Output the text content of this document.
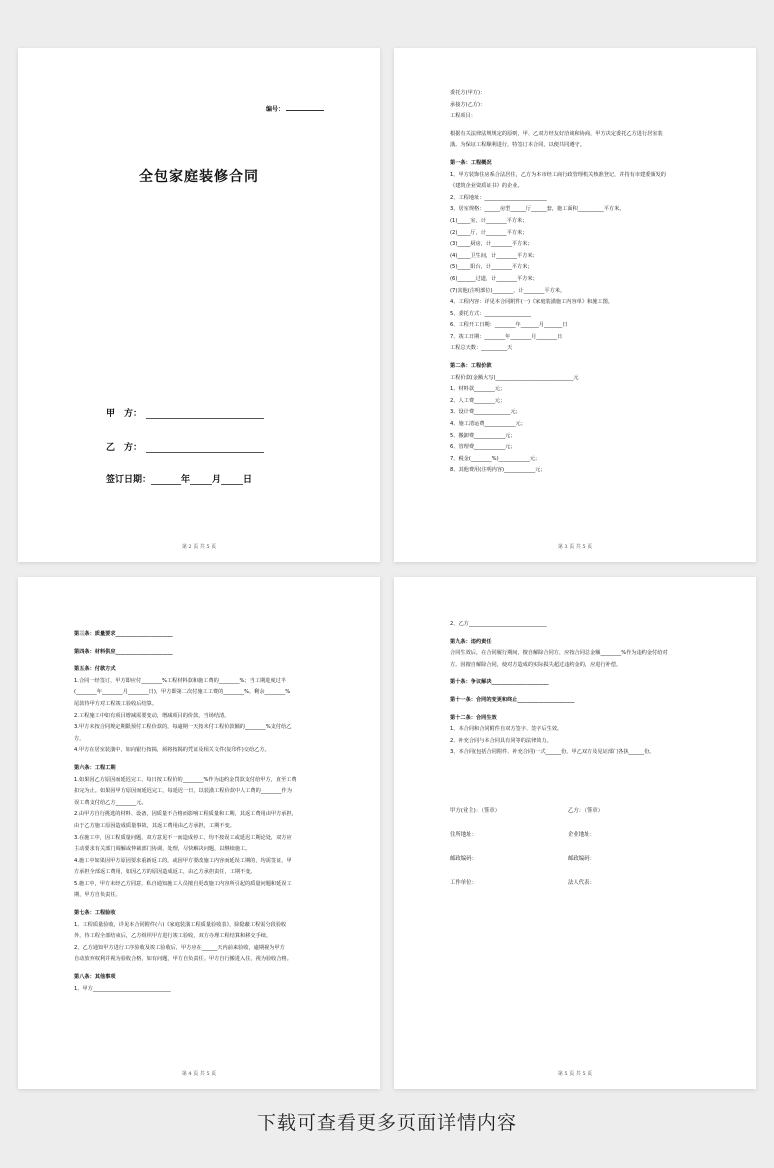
编号：
全包家庭装修合同
甲　方：
乙　方：
签订日期：	年 月 日
第 2 页 共 5 页
委托方(甲方)：
承接方(乙方)：
工程项目：
根据有关法律法规规定的原则，甲、乙双方经友好洽谈和协商，甲方决定委托乙方进行居室装
潢。为保证工程顺利进行，特签订本合同，以便共同遵守。
第一条：工程概况
1、甲方装饰住房系合法居住，乙方为本市经工商行政管理机关核准登记，并持有市建委颁发的
《建筑企业资质证书》的企业。
2、工程地址：________________________
3、居室规格：______房型______厅______套，施工面积__________平方米。
(1)_____室，计________平方米；
(2)_____厅，计________平方米；
(3)_____厨房，计________平方米；
(4)_____卫生间，计________平方米；
(5)_____阳台，计________平方米；
(6)_______过道，计________平方米；
(7)其他(注明部位)________，计________平方米。
4、工程内容：详见本合同附件(一)《家庭装潢施工内容单》和施工图。
5、委托方式：__________________
6、工程开工日期：________年_______月_______日
7、竣工日期：________年________月________日
工程总天数：__________天
第二条：工程价款
工程价款(金额大写)______________________________元
1、材料款________元；
2、人工费________元；
3、设计费______________元；
4、施工清运费____________元；
5、搬卸费____________元；
6、管理费____________元；
7、税金(________%)____________元；
8、其他费用(注明内容)____________元；
第 3 页 共 5 页
第三条：质量要求______________________
第四条：材料供应______________________
第五条：付款方式
1.合同一经签订，甲方即应付________%工程材料款和施工费的________%；当工期进度过半
(________年________月________日)，甲方即第二次付施工工费的________%。剩余________%
尾款待甲方对工程竣工验收后结算。
2.工程施工中如有项目增减需要变动，增减项目的价款，当场结清。
3.甲方未按合同规定期限预付工程价款的，每逾期一天按未付工程价款额的________%支付给乙
方。
4.甲方在居室装潢中，如向银行按揭，须将按揭的凭证及相关文件(复印件)交给乙方。
第六条：工程工期
1.如果因乙方原因而延迟完工，每日按工程价的________%作为违约金罚款支付给甲方，直至工费
扣完为止。如果因甲方原因而延迟完工，每延迟一日，以装潢工程价款中人工费的________作为
误工费支付给乙方________元。
2.由甲方自行挑选的材料、设备，因质量不合格而影响工程质量和工期，其返工费用由甲方承担，
由于乙方施工原因造成质量事故，其返工费用由乙方承担，工期不变。
3.在施工中，因工程质量问题，双方意见不一而造成停工，均不按误工或延迟工期论处，双方应
主动要求有关部门调解或仲裁部门协调、处理，尽快解决问题，以继续施工。
4.施工中如果因甲方原因要求重新返工的，或因甲方要改施工内容而延误工期的，均需签证，甲
方承担全部返工费用，如因乙方的原因造成返工，由乙方承担责任，工期不变。
5.施工中，甲方未经乙方同意，私自通知施工人员擅自更改施工内容所引起的质量问题和延误工
期，甲方自负责任。
第七条：工程验收
1、工程质量验收，详见本合同附件(六)《家庭装潢工程质量验收表》，除隐蔽工程需分段验收
外，待工程全部结束后，乙方组织甲方进行竣工验收，双方办理工程结算和移交手续。
2、乙方通知甲方进行工序验收及竣工验收后，甲方应在______天内前来验收，逾期视为甲方
自动放弃权利并视为验收合格，如有问题，甲方自负责任。甲方自行搬进入住，视为验收合格。
第八条：其他事项
1、甲方______________________________
第 4 页 共 5 页
2、乙方______________________________
第九条：违约责任
合同生效后，在合同履行期间，擅自解除合同方，应按合同总金额________%作为违约金付给对
方。因擅自解除合同，使对方造成的实际损失超过违约金的，应进行补偿。
第十条：争议解决______________________
第十一条：合同的变更和终止______________________
第十二条：合同生效
1、本合同和合同附件自双方签字、签字后生效。
2、补充合同与本合同具有同等的法律效力。
3、本合同(包括合同附件、补充合同)一式______份，甲乙双方及见证部门各执______份。
甲方(业主)：（签章）	乙方：（签章）
住所地址：	企业地址：
邮政编码：	邮政编码：
工作单位：	法人代表：
第 5 页 共 5 页
下载可查看更多页面详情内容
